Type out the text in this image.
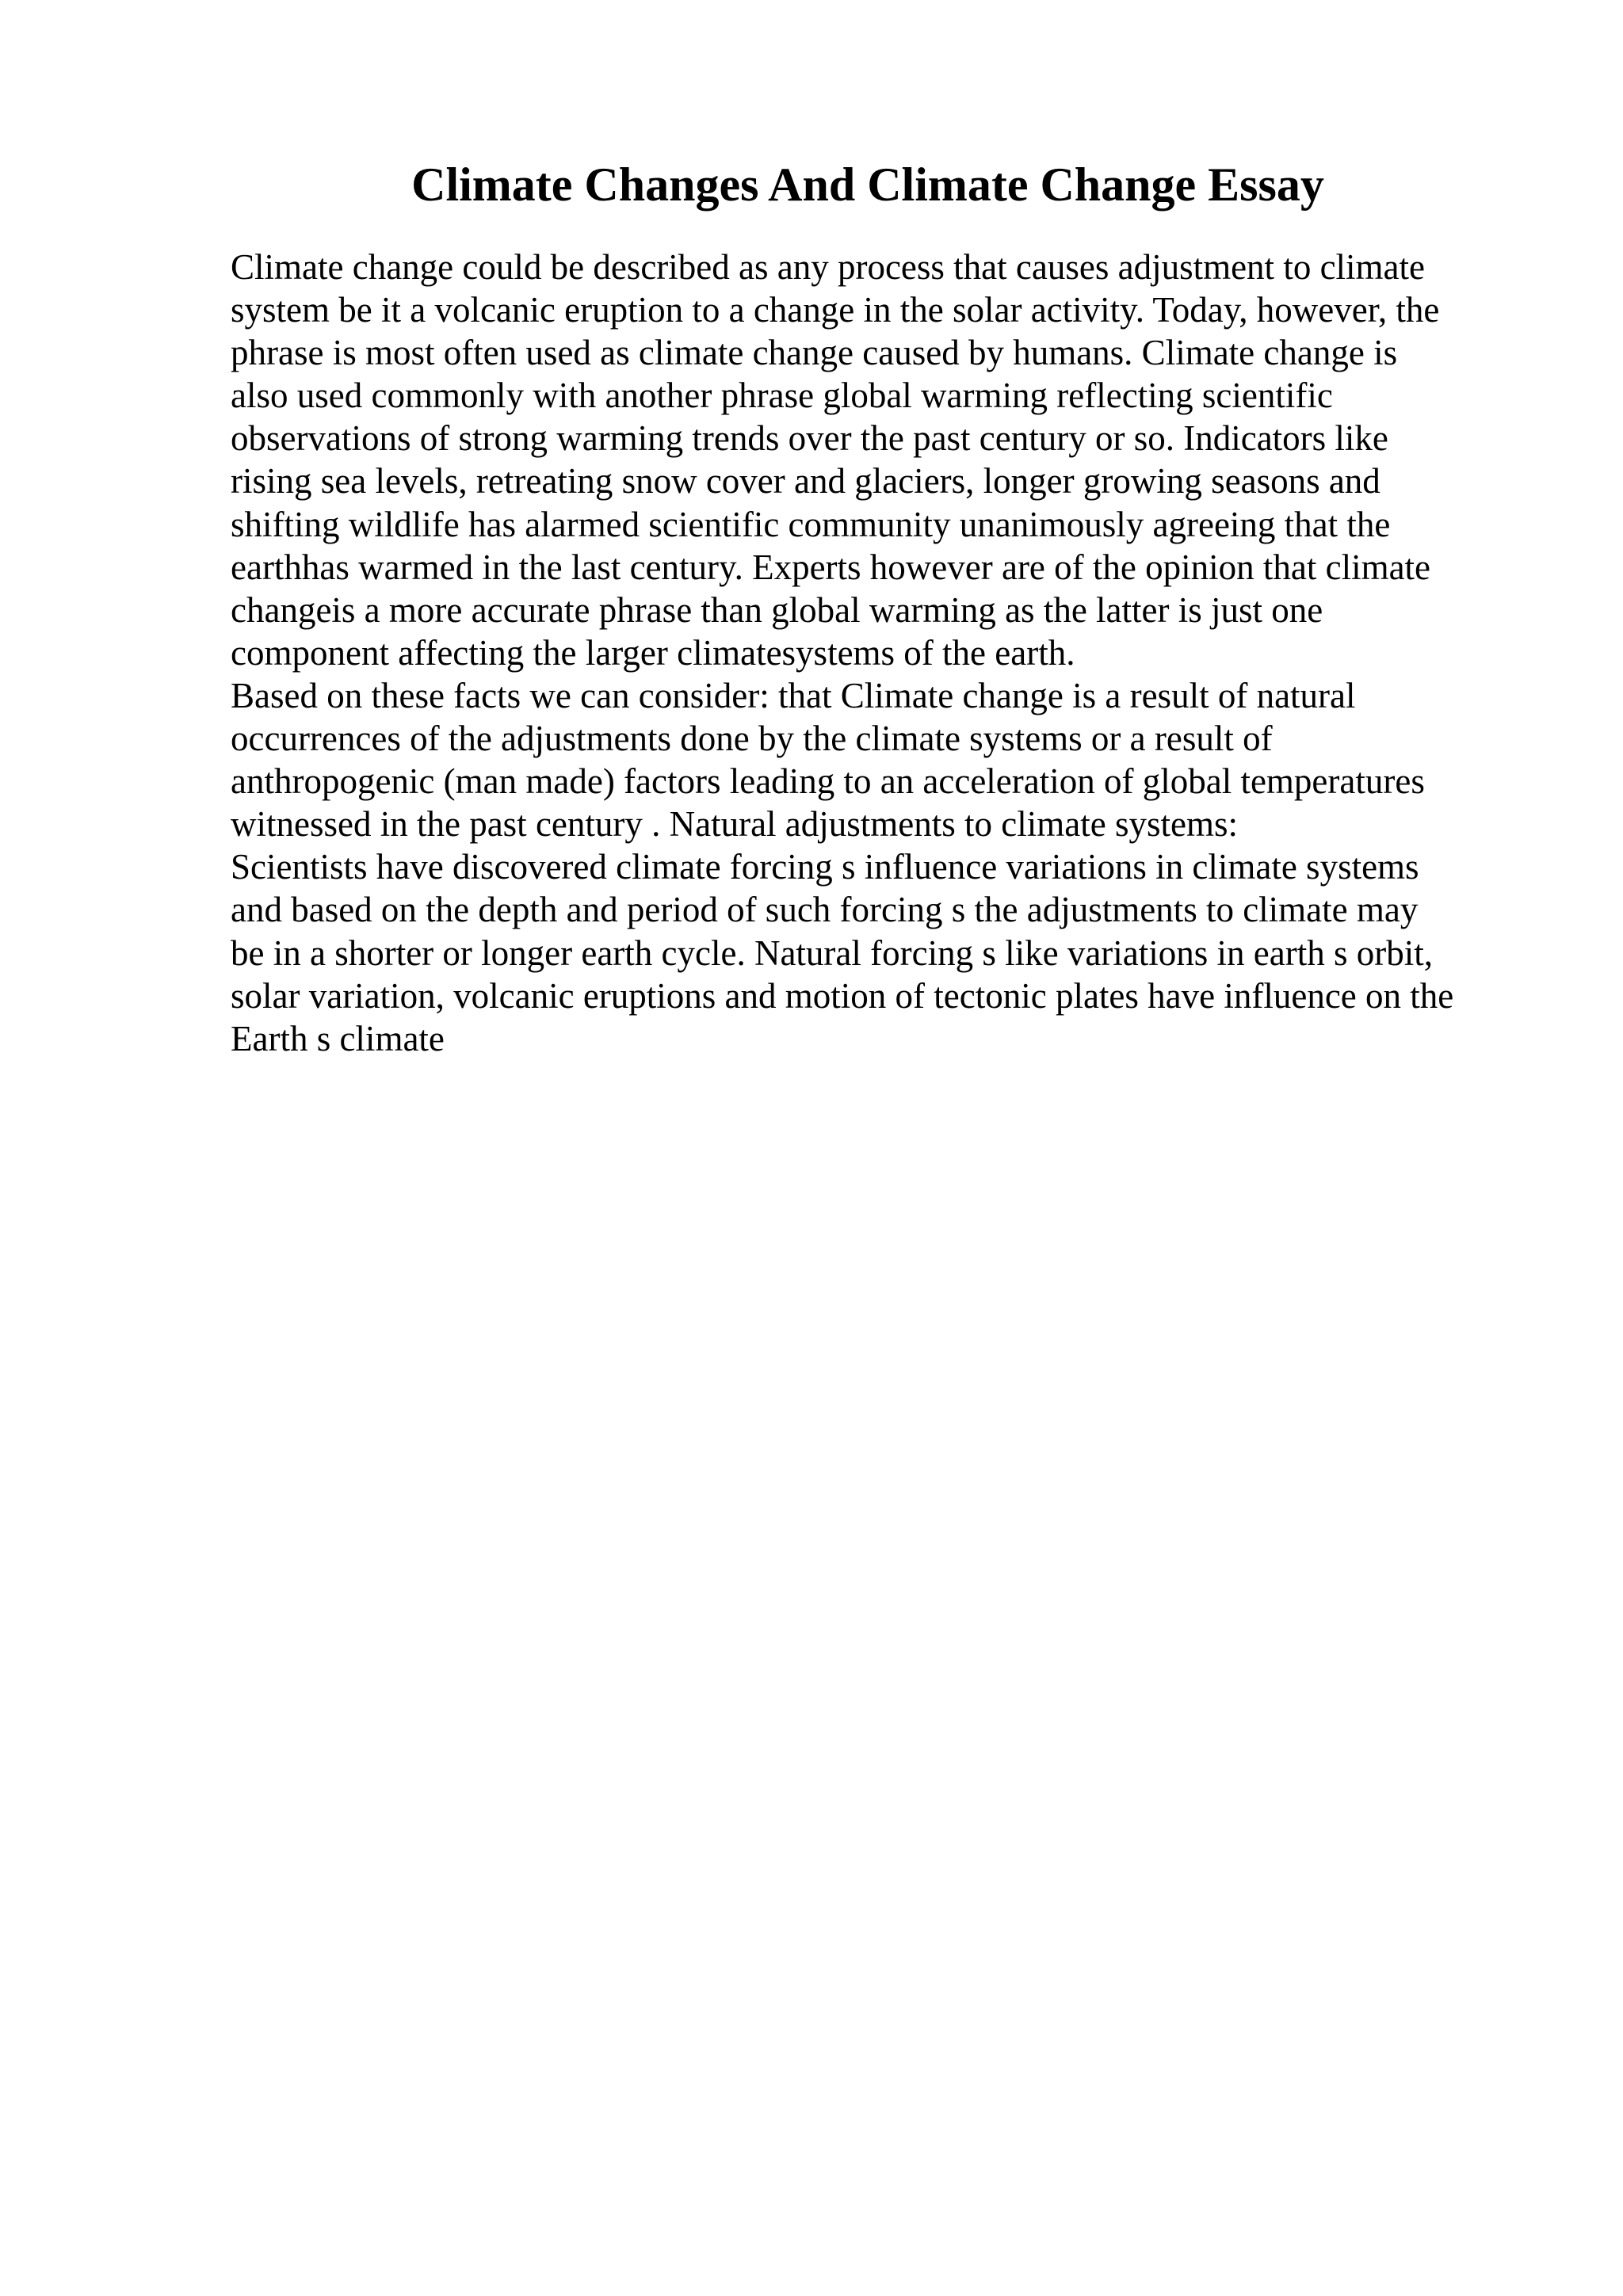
Climate Changes And Climate Change Essay
Climate change could be described as any process that causes adjustment to climate
system be it a volcanic eruption to a change in the solar activity. Today, however, the
phrase is most often used as climate change caused by humans. Climate change is
also used commonly with another phrase global warming reflecting scientific
observations of strong warming trends over the past century or so. Indicators like
rising sea levels, retreating snow cover and glaciers, longer growing seasons and
shifting wildlife has alarmed scientific community unanimously agreeing that the
earthhas warmed in the last century. Experts however are of the opinion that climate
changeis a more accurate phrase than global warming as the latter is just one
component affecting the larger climatesystems of the earth.
Based on these facts we can consider: that Climate change is a result of natural
occurrences of the adjustments done by the climate systems or a result of
anthropogenic (man made) factors leading to an acceleration of global temperatures
witnessed in the past century . Natural adjustments to climate systems:
Scientists have discovered climate forcing s influence variations in climate systems
and based on the depth and period of such forcing s the adjustments to climate may
be in a shorter or longer earth cycle. Natural forcing s like variations in earth s orbit,
solar variation, volcanic eruptions and motion of tectonic plates have influence on the
Earth s climate
